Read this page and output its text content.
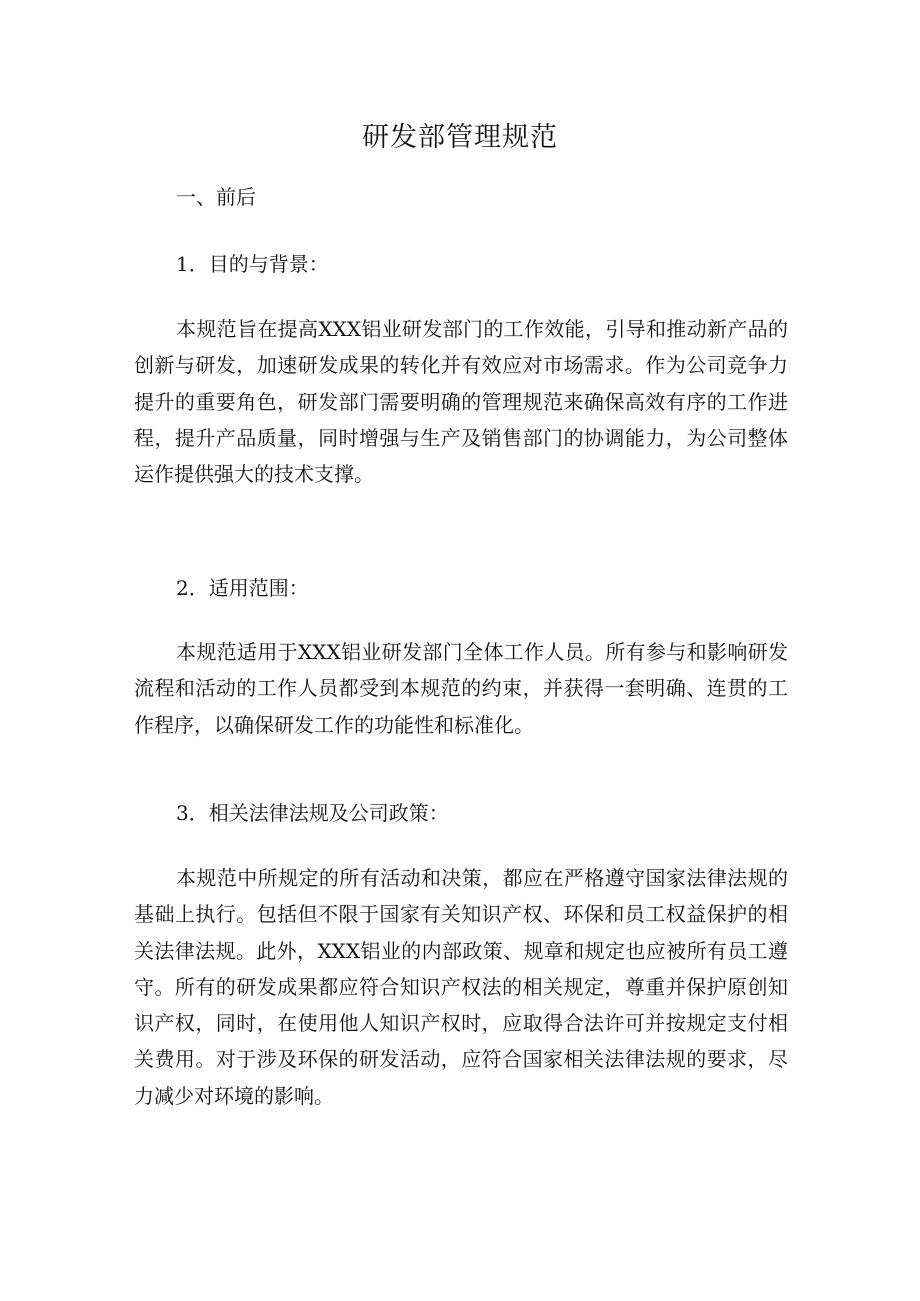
研发部管理规范
一、前后
1．目的与背景：
本规范旨在提高XXX铝业研发部门的工作效能，引导和推动新产品的创新与研发，加速研发成果的转化并有效应对市场需求。作为公司竞争力提升的重要角色，研发部门需要明确的管理规范来确保高效有序的工作进程，提升产品质量，同时增强与生产及销售部门的协调能力，为公司整体运作提供强大的技术支撑。
2．适用范围：
本规范适用于XXX铝业研发部门全体工作人员。所有参与和影响研发流程和活动的工作人员都受到本规范的约束，并获得一套明确、连贯的工作程序，以确保研发工作的功能性和标准化。
3．相关法律法规及公司政策：
本规范中所规定的所有活动和决策，都应在严格遵守国家法律法规的基础上执行。包括但不限于国家有关知识产权、环保和员工权益保护的相关法律法规。此外，XXX铝业的内部政策、规章和规定也应被所有员工遵守。所有的研发成果都应符合知识产权法的相关规定，尊重并保护原创知识产权，同时，在使用他人知识产权时，应取得合法许可并按规定支付相关费用。对于涉及环保的研发活动，应符合国家相关法律法规的要求，尽力减少对环境的影响。
